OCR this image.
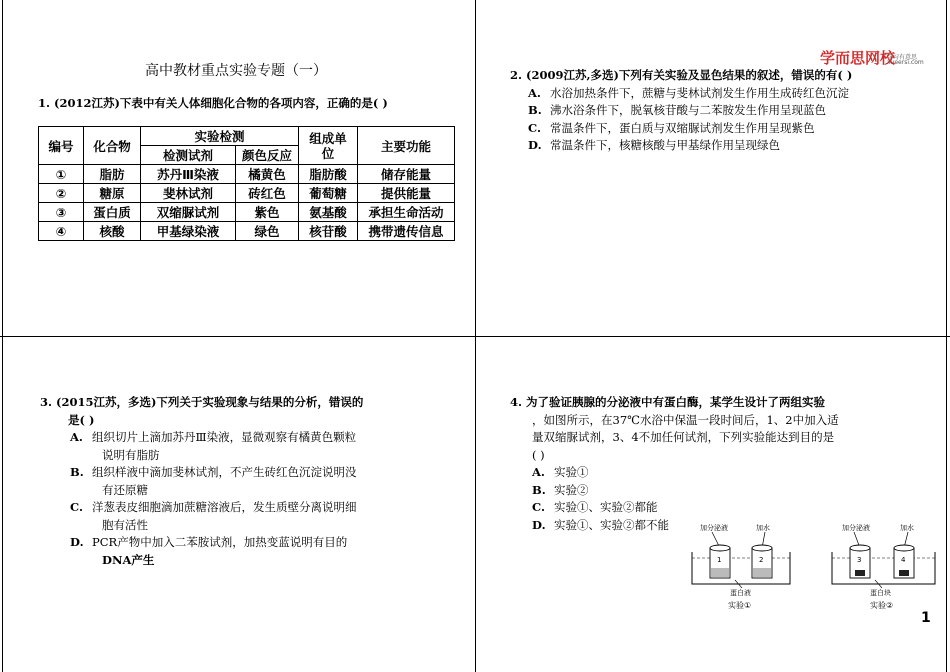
高中教材重点实验专题（一）
1. (2012江苏)下表中有关人体细胞化合物的各项内容，正确的是( )
编号	化合物	实验检测		组成单位	主要功能
		检测试剂	颜色反应		
①	脂肪	苏丹Ⅲ染液	橘黄色	脂肪酸	储存能量
②	糖原	斐林试剂	砖红色	葡萄糖	提供能量
③	蛋白质	双缩脲试剂	紫色	氨基酸	承担生命活动
④	核酸	甲基绿染液	绿色	核苷酸	携带遗传信息
学而思网校
学习有意思
xueersi.com
2. (2009江苏,多选)下列有关实验及显色结果的叙述，错误的有( )
A. 水浴加热条件下，蔗糖与斐林试剂发生作用生成砖红色沉淀
B. 沸水浴条件下，脱氧核苷酸与二苯胺发生作用呈现蓝色
C. 常温条件下，蛋白质与双缩脲试剂发生作用呈现紫色
D. 常温条件下，核糖核酸与甲基绿作用呈现绿色
3. (2015江苏，多选)下列关于实验现象与结果的分析，错误的
是( )
A. 组织切片上滴加苏丹Ⅲ染液，显微观察有橘黄色颗粒
说明有脂肪
B. 组织样液中滴加斐林试剂，不产生砖红色沉淀说明没
有还原糖
C. 洋葱表皮细胞滴加蔗糖溶液后，发生质壁分离说明细
胞有活性
D. PCR产物中加入二苯胺试剂，加热变蓝说明有目的
DNA产生
4. 为了验证胰腺的分泌液中有蛋白酶，某学生设计了两组实验
，如图所示，在37℃水浴中保温一段时间后，1、2中加入适
量双缩脲试剂，3、4不加任何试剂，下列实验能达到目的是
( )
A. 实验①
B. 实验②
C. 实验①、实验②都能
D. 实验①、实验②都不能	加分泌液	加水
1	2
蛋白液
实验①
加分泌液	加水
3	4
蛋白块
实验②
1
